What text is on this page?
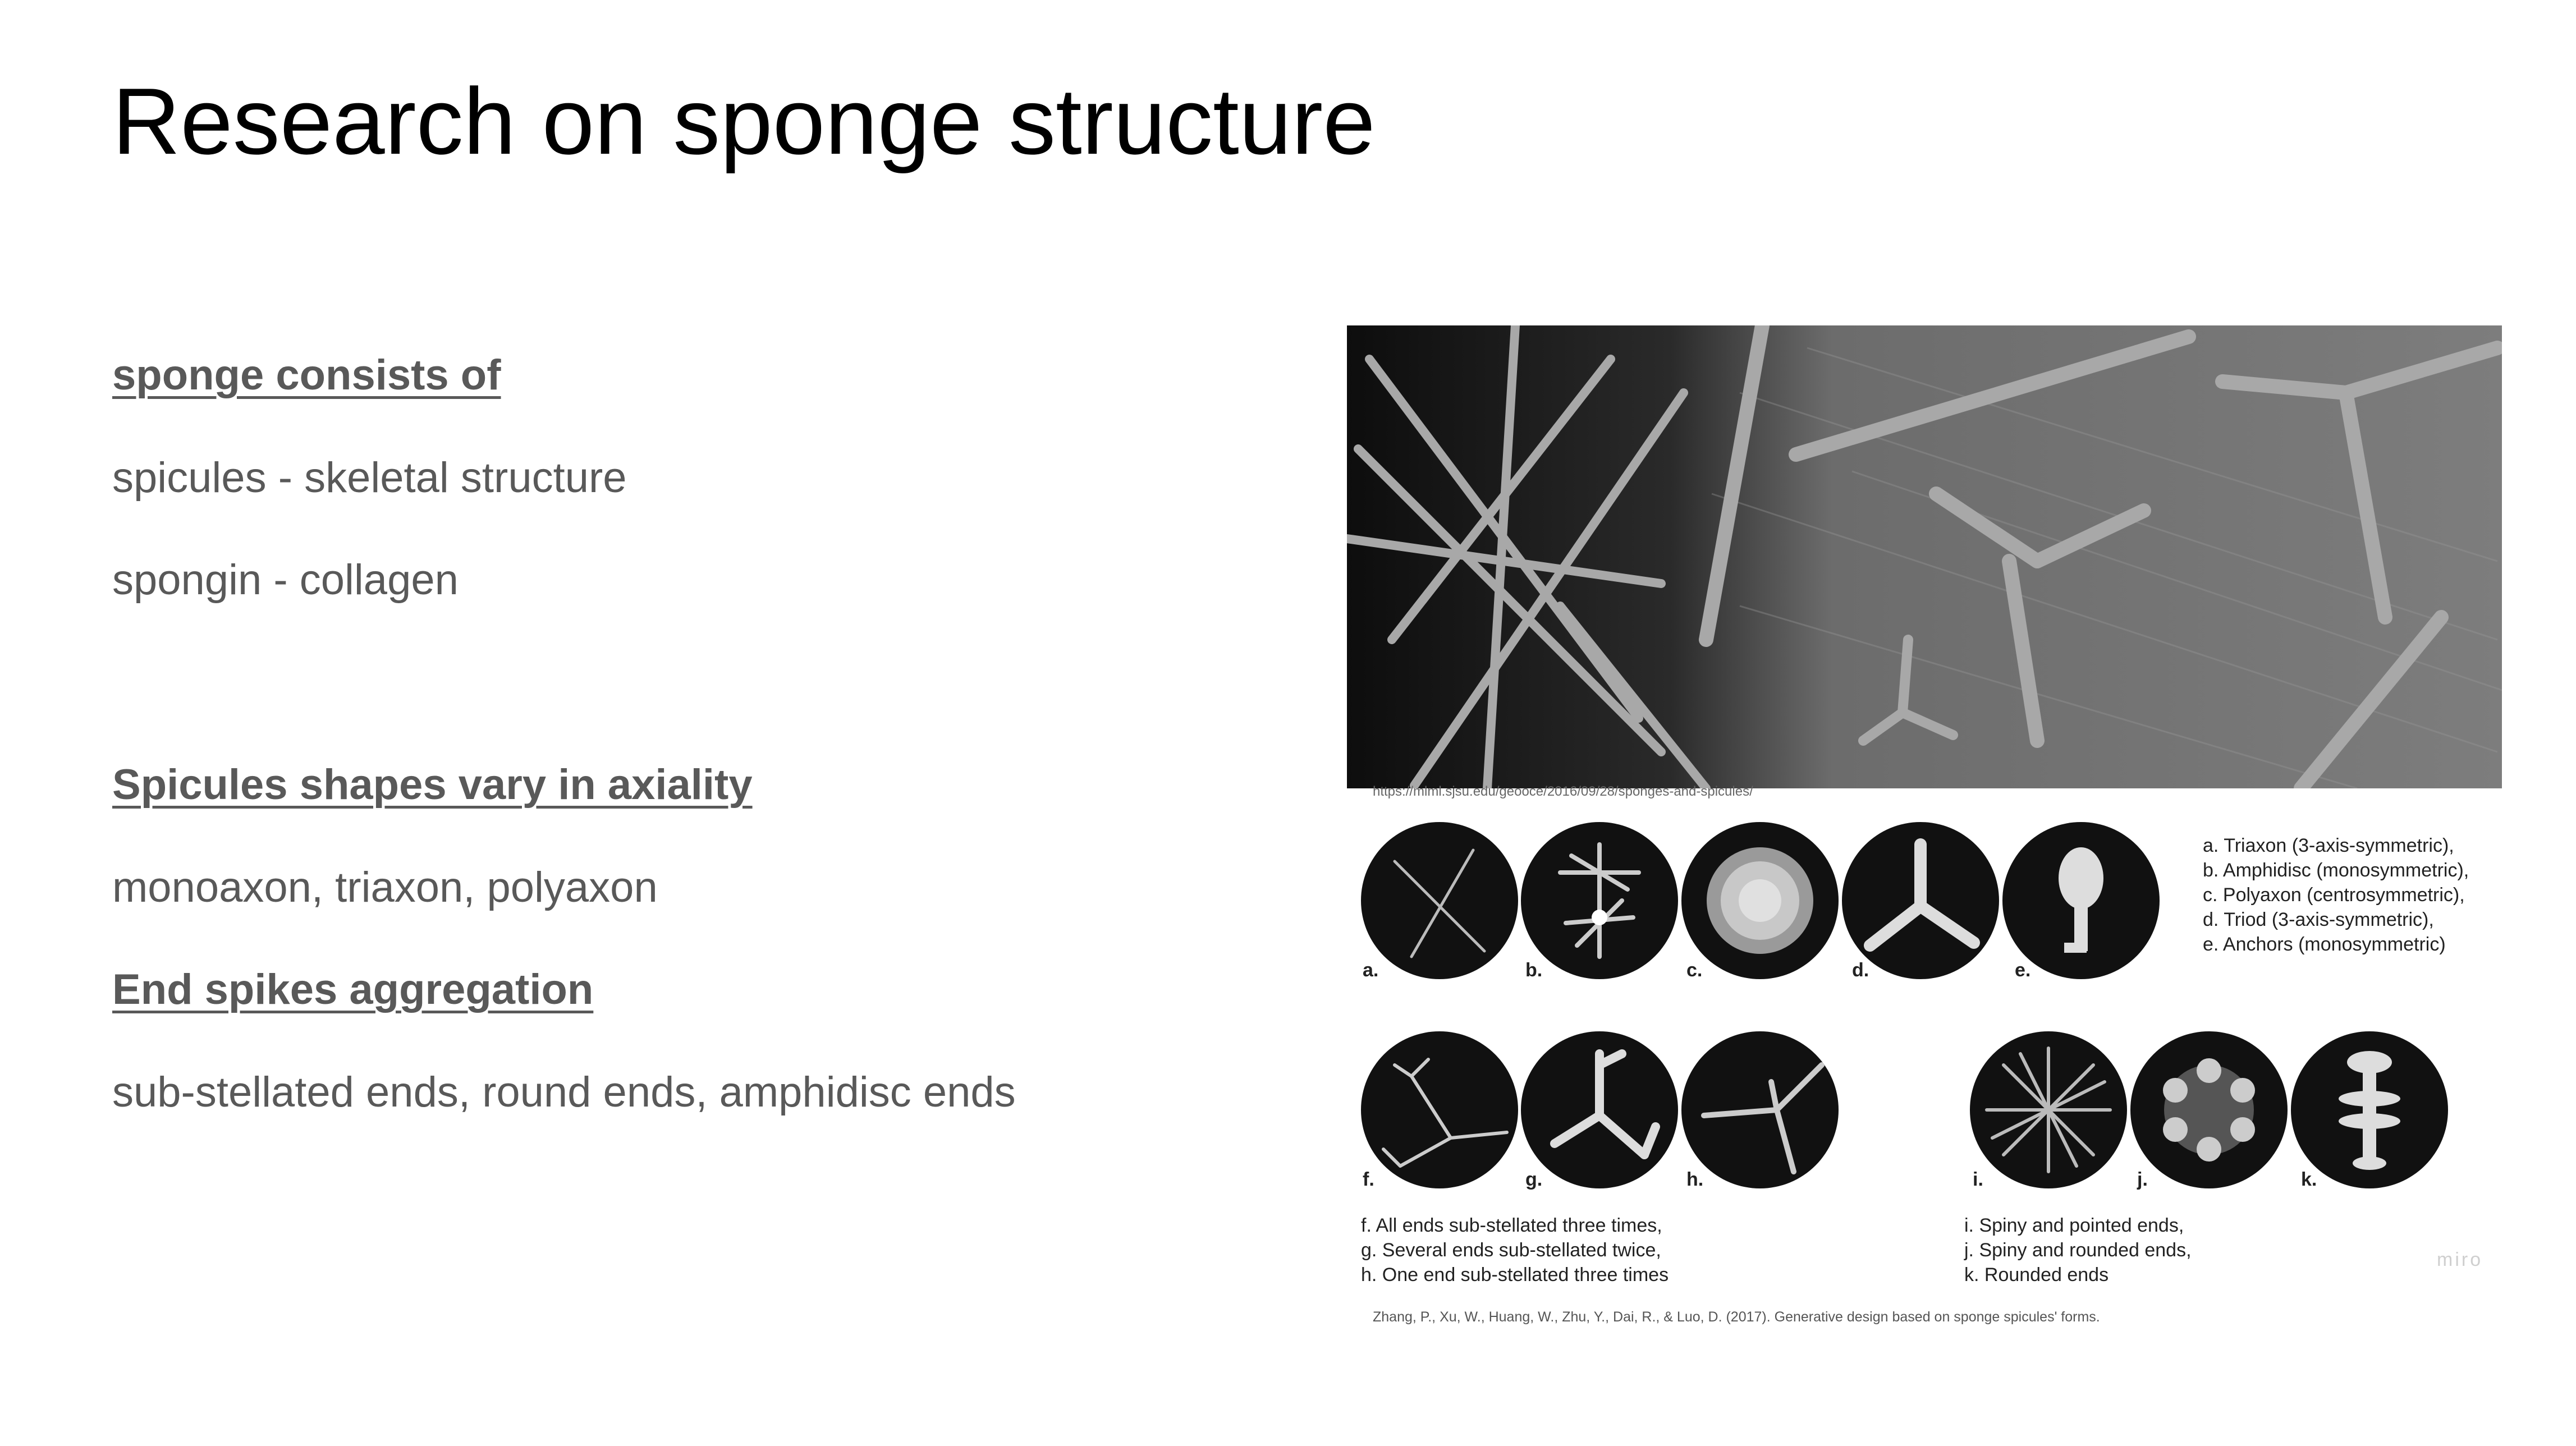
Research on sponge structure
sponge consists of
spicules - skeletal structure
spongin - collagen
Spicules shapes vary in axiality
monoaxon, triaxon, polyaxon
End spikes aggregation
sub-stellated ends, round ends, amphidisc ends
https://mlml.sjsu.edu/geooce/2016/09/28/sponges-and-spicules/
a.	b.	c.	d.	e.
a. Triaxon (3-axis-symmetric),
b. Amphidisc (monosymmetric),
c. Polyaxon (centrosymmetric),
d. Triod (3-axis-symmetric),
e. Anchors (monosymmetric)
f.	g.	h.	i.	j.	k.
f. All ends sub-stellated three times,
g. Several ends sub-stellated twice,
h. One end sub-stellated three times
i. Spiny and pointed ends,
j. Spiny and rounded ends,
k. Rounded ends
Zhang, P., Xu, W., Huang, W., Zhu, Y., Dai, R., & Luo, D. (2017). Generative design based on sponge spicules' forms.
miro
